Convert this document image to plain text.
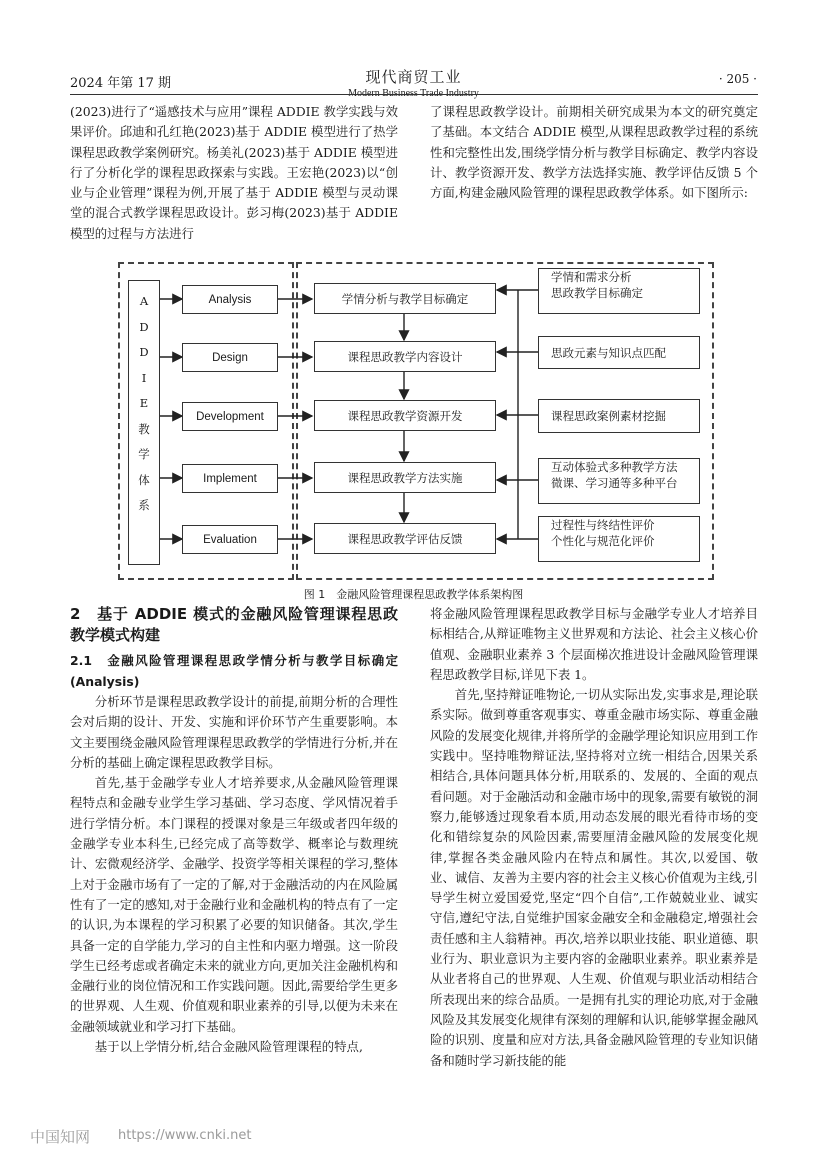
2024 年第 17 期	现代商贸工业
Modern Business Trade Industry
· 205 ·

(2023)进行了“遥感技术与应用”课程 ADDIE 教学实践与效果评价。邱迪和孔红艳(2023)基于 ADDIE 模型进行了热学课程思政教学案例研究。杨美礼(2023)基于 ADDIE 模型进行了分析化学的课程思政探索与实践。王宏艳(2023)以“创业与企业管理”课程为例,开展了基于 ADDIE 模型与灵动课堂的混合式教学课程思政设计。彭习梅(2023)基于 ADDIE 模型的过程与方法进行

了课程思政教学设计。前期相关研究成果为本文的研究奠定了基础。本文结合 ADDIE 模型,从课程思政教学过程的系统性和完整性出发,围绕学情分析与教学目标确定、教学内容设计、教学资源开发、教学方法选择实施、教学评估反馈 5 个方面,构建金融风险管理的课程思政教学体系。如下图所示:

A
D
D
I
E
教
学
体
系
Analysis
Design
Development
Implement
Evaluation
学情分析与教学目标确定
课程思政教学内容设计
课程思政教学资源开发
课程思政教学方法实施
课程思政教学评估反馈
学情和需求分析
思政教学目标确定
思政元素与知识点匹配
课程思政案例素材挖掘
互动体验式多种教学方法
微课、学习通等多种平台
过程性与终结性评价
个性化与规范化评价
图 1　金融风险管理课程思政教学体系架构图

2　基于 ADDIE 模式的金融风险管理课程思政教学模式构建

2.1　金融风险管理课程思政学情分析与教学目标确定(Analysis)

分析环节是课程思政教学设计的前提,前期分析的合理性会对后期的设计、开发、实施和评价环节产生重要影响。本文主要围绕金融风险管理课程思政教学的学情进行分析,并在分析的基础上确定课程思政教学目标。

首先,基于金融学专业人才培养要求,从金融风险管理课程特点和金融专业学生学习基础、学习态度、学风情况着手进行学情分析。本门课程的授课对象是三年级或者四年级的金融学专业本科生,已经完成了高等数学、概率论与数理统计、宏微观经济学、金融学、投资学等相关课程的学习,整体上对于金融市场有了一定的了解,对于金融活动的内在风险属性有了一定的感知,对于金融行业和金融机构的特点有了一定的认识,为本课程的学习积累了必要的知识储备。其次,学生具备一定的自学能力,学习的自主性和内驱力增强。这一阶段学生已经考虑或者确定未来的就业方向,更加关注金融机构和金融行业的岗位情况和工作实践问题。因此,需要给学生更多的世界观、人生观、价值观和职业素养的引导,以便为未来在金融领域就业和学习打下基础。

基于以上学情分析,结合金融风险管理课程的特点,

将金融风险管理课程思政教学目标与金融学专业人才培养目标相结合,从辩证唯物主义世界观和方法论、社会主义核心价值观、金融职业素养 3 个层面梯次推进设计金融风险管理课程思政教学目标,详见下表 1。

首先,坚持辩证唯物论,一切从实际出发,实事求是,理论联系实际。做到尊重客观事实、尊重金融市场实际、尊重金融风险的发展变化规律,并将所学的金融学理论知识应用到工作实践中。坚持唯物辩证法,坚持将对立统一相结合,因果关系相结合,具体问题具体分析,用联系的、发展的、全面的观点看问题。对于金融活动和金融市场中的现象,需要有敏锐的洞察力,能够透过现象看本质,用动态发展的眼光看待市场的变化和错综复杂的风险因素,需要厘清金融风险的发展变化规律,掌握各类金融风险内在特点和属性。其次,以爱国、敬业、诚信、友善为主要内容的社会主义核心价值观为主线,引导学生树立爱国爱党,坚定“四个自信”,工作兢兢业业、诚实守信,遵纪守法,自觉维护国家金融安全和金融稳定,增强社会责任感和主人翁精神。再次,培养以职业技能、职业道德、职业行为、职业意识为主要内容的金融职业素养。职业素养是从业者将自己的世界观、人生观、价值观与职业活动相结合所表现出来的综合品质。一是拥有扎实的理论功底,对于金融风险及其发展变化规律有深刻的理解和认识,能够掌握金融风险的识别、度量和应对方法,具备金融风险管理的专业知识储备和随时学习新技能的能

中国知网 https://www.cnki.net
